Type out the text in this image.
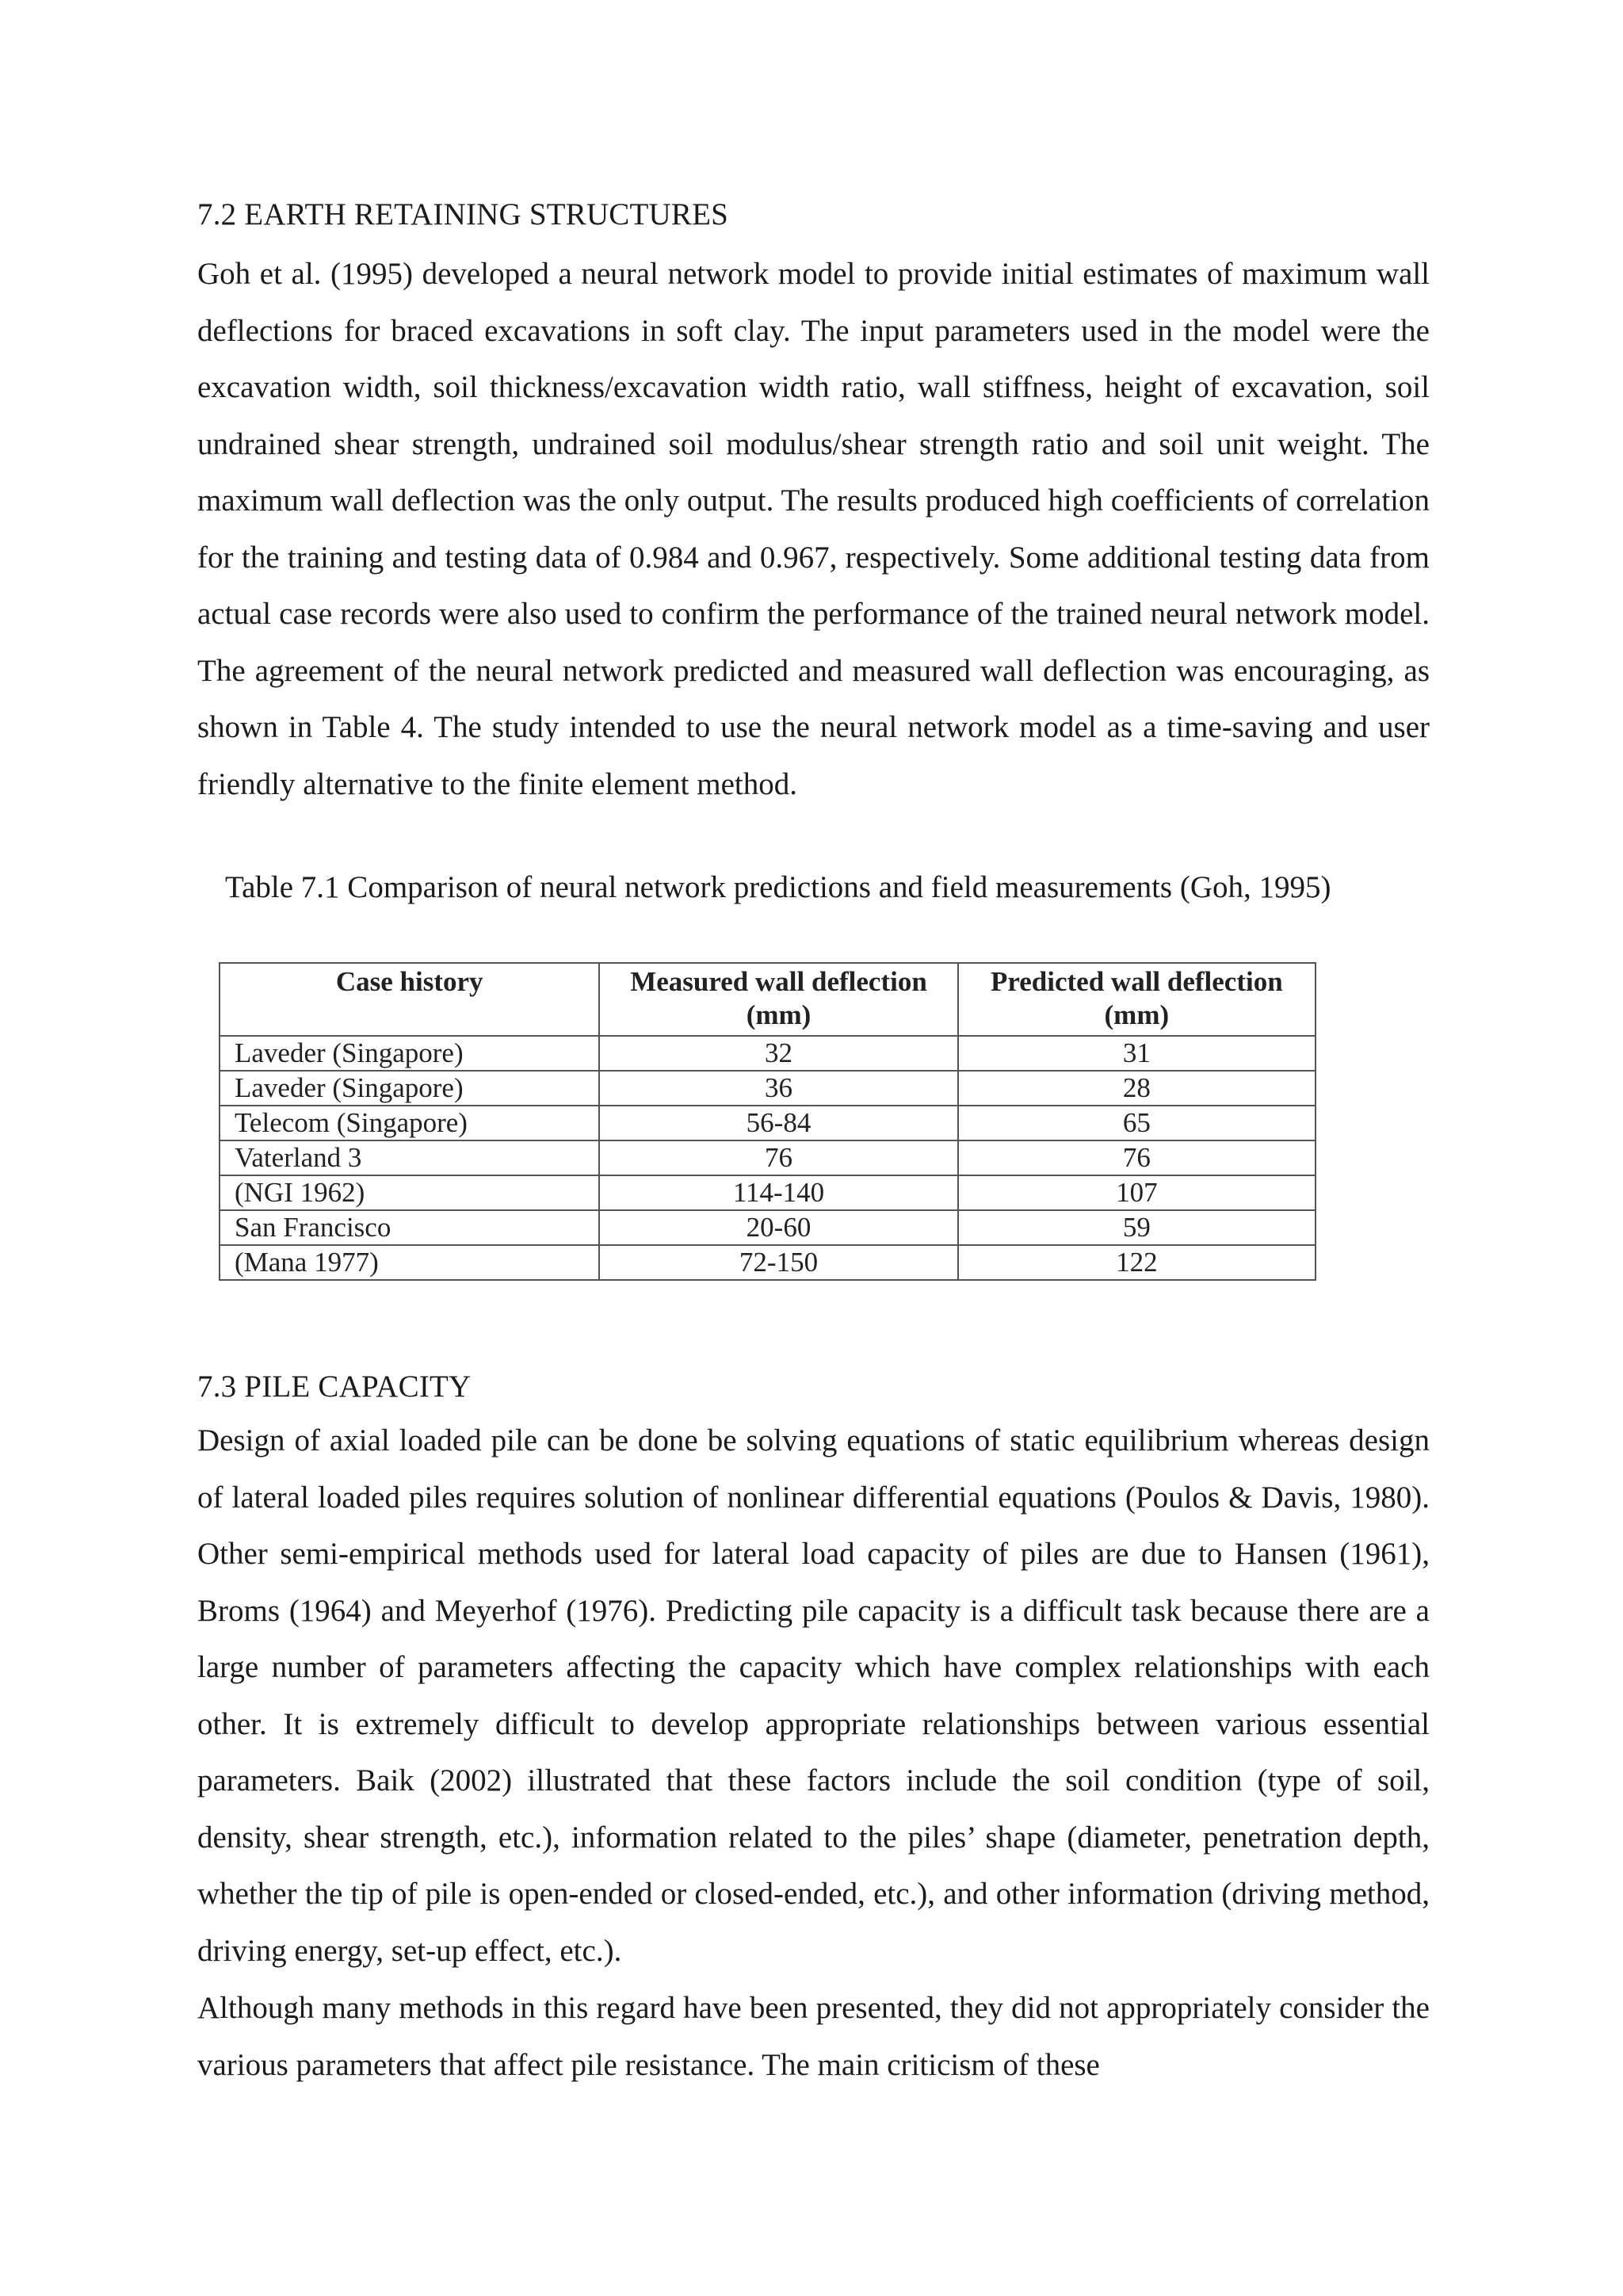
7.2 EARTH RETAINING STRUCTURES

Goh et al. (1995) developed a neural network model to provide initial estimates of maximum wall deflections for braced excavations in soft clay. The input parameters used in the model were the excavation width, soil thickness/excavation width ratio, wall stiffness, height of excavation, soil undrained shear strength, undrained soil modulus/shear strength ratio and soil unit weight. The maximum wall deflection was the only output. The results produced high coefficients of correlation for the training and testing data of 0.984 and 0.967, respectively. Some additional testing data from actual case records were also used to confirm the performance of the trained neural network model. The agreement of the neural network predicted and measured wall deflection was encouraging, as shown in Table 4. The study intended to use the neural network model as a time-saving and user friendly alternative to the finite element method.

Table 7.1 Comparison of neural network predictions and field measurements (Goh, 1995)
Case history	Measured wall deflection (mm)	Predicted wall deflection (mm)
Laveder (Singapore)	32	31
Laveder (Singapore)	36	28
Telecom (Singapore)	56-84	65
Vaterland 3	76	76
(NGI 1962)	114-140	107
San Francisco	20-60	59
(Mana 1977)	72-150	122
7.3 PILE CAPACITY

Design of axial loaded pile can be done be solving equations of static equilibrium whereas design of lateral loaded piles requires solution of nonlinear differential equations (Poulos & Davis, 1980). Other semi-empirical methods used for lateral load capacity of piles are due to Hansen (1961), Broms (1964) and Meyerhof (1976). Predicting pile capacity is a difficult task because there are a large number of parameters affecting the capacity which have complex relationships with each other. It is extremely difficult to develop appropriate relationships between various essential parameters. Baik (2002) illustrated that these factors include the soil condition (type of soil, density, shear strength, etc.), information related to the piles’ shape (diameter, penetration depth, whether the tip of pile is open-ended or closed-ended, etc.), and other information (driving method, driving energy, set-up effect, etc.).

Although many methods in this regard have been presented, they did not appropriately consider the various parameters that affect pile resistance. The main criticism of these
